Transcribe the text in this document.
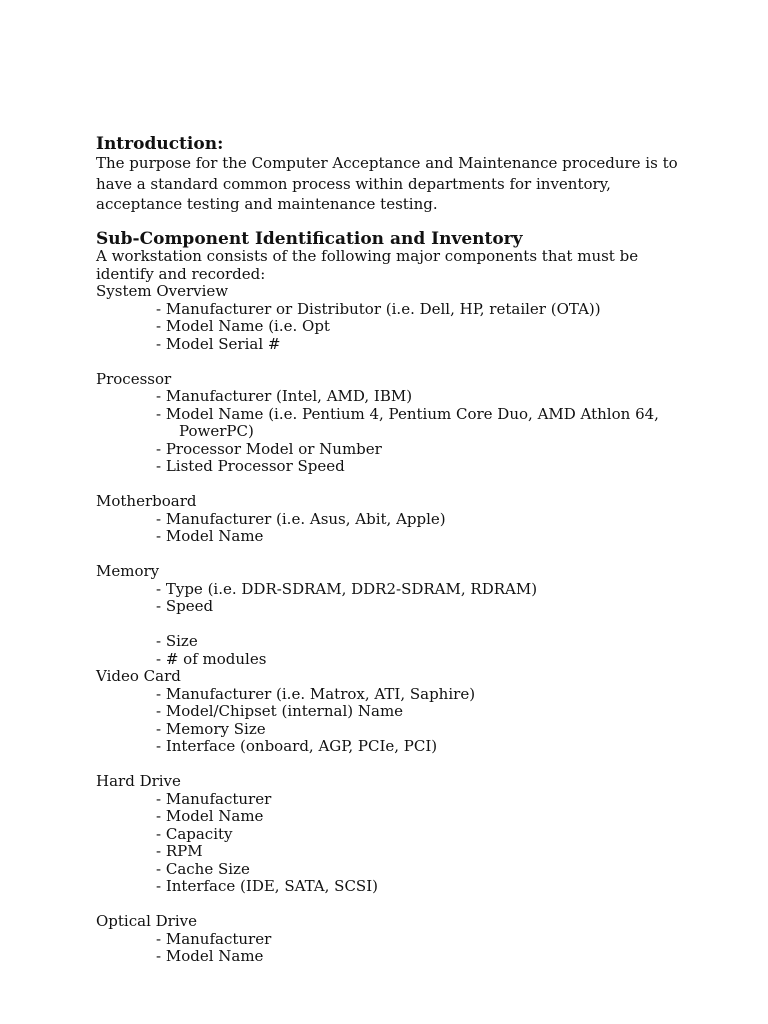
Introduction:
The purpose for the Computer Acceptance and Maintenance procedure is to have a standard common process within departments for inventory, acceptance testing and maintenance testing.
Sub-Component Identification and Inventory
A workstation consists of the following major components that must be identify and recorded:
System Overview
- Manufacturer or Distributor (i.e. Dell, HP, retailer (OTA))
- Model Name (i.e. Opt
- Model Serial #
Processor
- Manufacturer (Intel, AMD, IBM)
- Model Name (i.e. Pentium 4, Pentium Core Duo, AMD Athlon 64,
PowerPC)
- Processor Model or Number
- Listed Processor Speed
Motherboard
- Manufacturer (i.e. Asus, Abit, Apple)
- Model Name
Memory
- Type (i.e. DDR-SDRAM, DDR2-SDRAM, RDRAM)
- Speed
- Size
- # of modules
Video Card
- Manufacturer (i.e. Matrox, ATI, Saphire)
- Model/Chipset (internal) Name
- Memory Size
- Interface (onboard, AGP, PCIe, PCI)
Hard Drive
- Manufacturer
- Model Name
- Capacity
- RPM
- Cache Size
- Interface (IDE, SATA, SCSI)
Optical Drive
- Manufacturer
- Model Name
